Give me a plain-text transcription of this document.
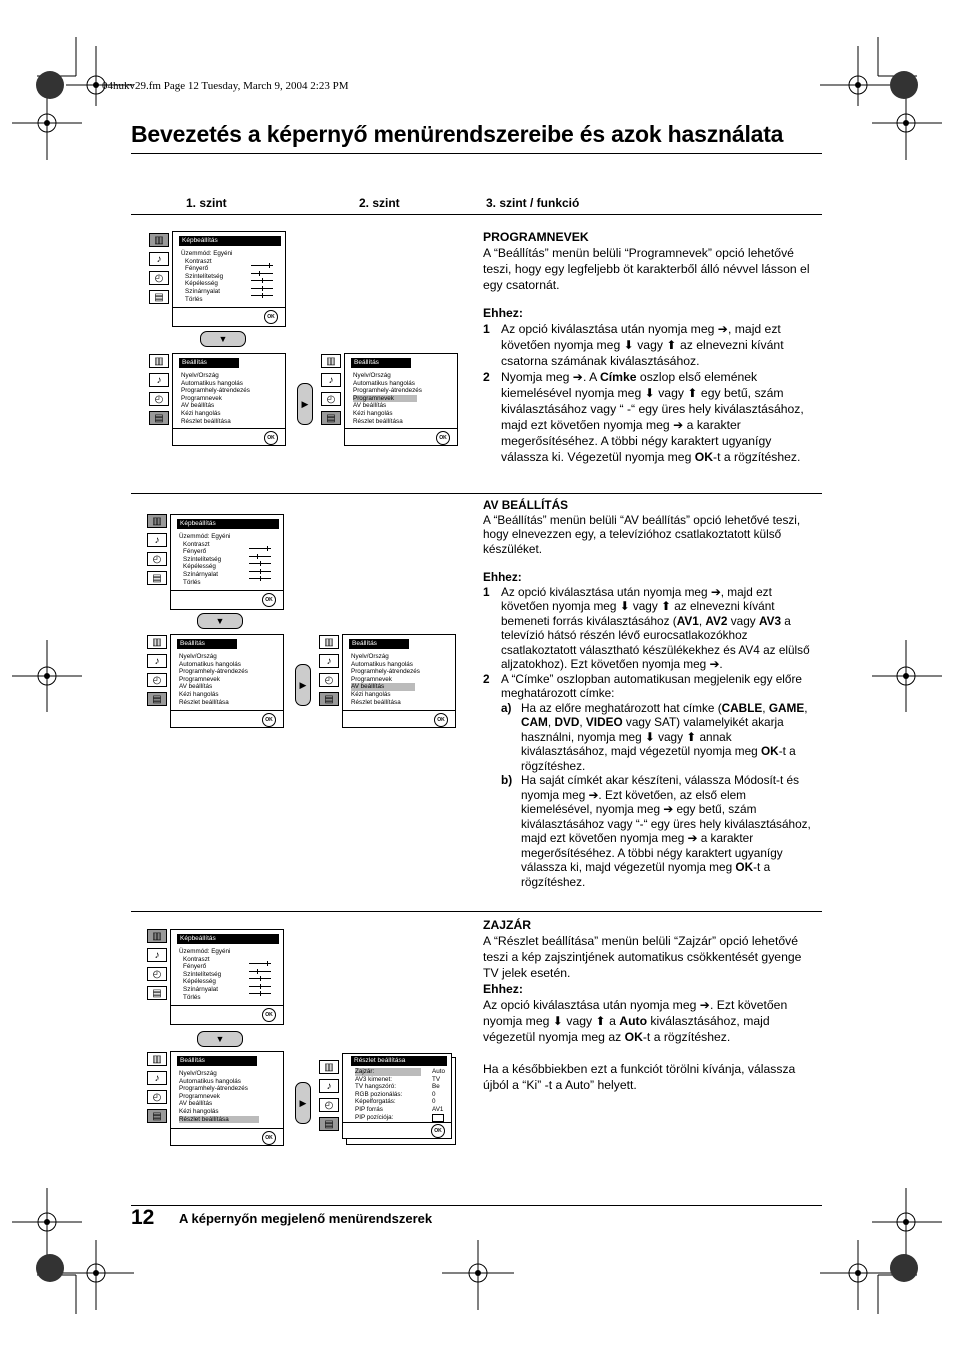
04hukv29.fm Page 12 Tuesday, March 9, 2004 2:23 PM
Bevezetés a képernyő menürendszereibe és azok használata
1. szint	2. szint	3. szint / funkció
▥
♪
◴
▤
Képbeállítás
Üzemmód: Egyéni
Kontraszt
Fényerő
Színtelítetség
Képélesség
Színárnyalat
Törlés
OK
▼
▥
♪
◴
▤
Beállítás
Nyelv/Ország
Automatikus hangolás
Programhely-átrendezés
Programnevek
AV beállítás
Kézi hangolás
Részlet beállítása
OK
▶
▥
♪
◴
▤
Beállítás
Nyelv/Ország
Automatikus hangolás
Programhely-átrendezés
Programnevek
AV beállítás
Kézi hangolás
Részlet beállítása
OK

PROGRAMNEVEK

A “Beállítás” menün belüli “Programnevek” opció lehetővé teszi, hogy egy legfeljebb öt karakterből álló névvel lásson el egy csatornát.

Ehhez:

1 Az opció kiválasztása után nyomja meg ➔, majd ezt követően nyomja meg ⬇ vagy ⬆ az elnevezni kívánt csatorna számának kiválasztásához.
2 Nyomja meg ➔. A Címke oszlop első elemének kiemelésével nyomja meg ⬇ vagy ⬆ egy betű, szám kiválasztásához vagy “ -“ egy üres hely kiválasztásához, majd ezt követően nyomja meg ➔ a karakter megerősítéséhez. A többi négy karaktert ugyanígy válassza ki. Végezetül nyomja meg OK-t a rögzítéshez.
▥
♪
◴
▤
Képbeállítás
Üzemmód: Egyéni
Kontraszt
Fényerő
Színtelítetség
Képélesség
Színárnyalat
Törlés
OK
▼
▥
♪
◴
▤
Beállítás
Nyelv/Ország
Automatikus hangolás
Programhely-átrendezés
Programnevek
AV beállítás
Kézi hangolás
Részlet beállítása
OK
▶
▥
♪
◴
▤
Beállítás
Nyelv/Ország
Automatikus hangolás
Programhely-átrendezés
Programnevek
AV beállítás
Kézi hangolás
Részlet beállítása
OK

AV BEÁLLÍTÁS

A “Beállítás” menün belüli “AV beállítás” opció lehetővé teszi, hogy elnevezzen egy, a televízióhoz csatlakoztatott külső készüléket.

Ehhez:

1 Az opció kiválasztása után nyomja meg ➔, majd ezt követően nyomja meg ⬇ vagy ⬆ az elnevezni kívánt bemeneti forrás kiválasztásához (AV1, AV2 vagy AV3 a televízió hátsó részén lévő eurocsatlakozókhoz csatlakoztatott választható készülékekhez és AV4 az elülső aljzatokhoz). Ezt követően nyomja meg ➔.
2 A “Címke” oszlopban automatikusan megjelenik egy előre meghatározott címke:
a) Ha az előre meghatározott hat címke (CABLE, GAME, CAM, DVD, VIDEO vagy SAT) valamelyikét akarja használni, nyomja meg ⬇ vagy ⬆ annak kiválasztásához, majd végezetül nyomja meg OK-t a rögzítéshez.
b) Ha saját címkét akar készíteni, válassza Módosít-t és nyomja meg ➔. Ezt követően, az első elem kiemelésével, nyomja meg ➔ egy betű, szám kiválasztásához vagy “-“ egy üres hely kiválasztásához, majd ezt követően nyomja meg ➔ a karakter megerősítéséhez. A többi négy karaktert ugyanígy válassza ki, majd végezetül nyomja meg OK-t a rögzítéshez.
▥
♪
◴
▤
Képbeállítás
Üzemmód: Egyéni
Kontraszt
Fényerő
Színtelítetség
Képélesség
Színárnyalat
Törlés
OK
▼
▥
♪
◴
▤
Beállítás
Nyelv/Ország
Automatikus hangolás
Programhely-átrendezés
Programnevek
AV beállítás
Kézi hangolás
Részlet beállítása
OK
▶
▥
♪
◴
▤
Részlet beállítása
Zajzár:
AV3 kimenet:
TV hangszóró:
RGB pozionálás:
Képelforgatás:
PIP forrás
PIP pozíciója:
Auto
TV
Be
0
0
AV1
OK

ZAJZÁR

A “Részlet beállítása” menün belüli “Zajzár” opció lehetővé teszi a kép zajszintjének automatikus csökkentését gyenge TV jelek esetén.

Ehhez:

Az opció kiválasztása után nyomja meg ➔. Ezt követően nyomja meg ⬇ vagy ⬆ a Auto kiválasztásához, majd végezetül nyomja meg az OK-t a rögzítéshez.

Ha a későbbiekben ezt a funkciót törölni kívánja, válassza újból a “Ki” -t a Auto” helyett.

12 A képernyőn megjelenő menürendszerek
